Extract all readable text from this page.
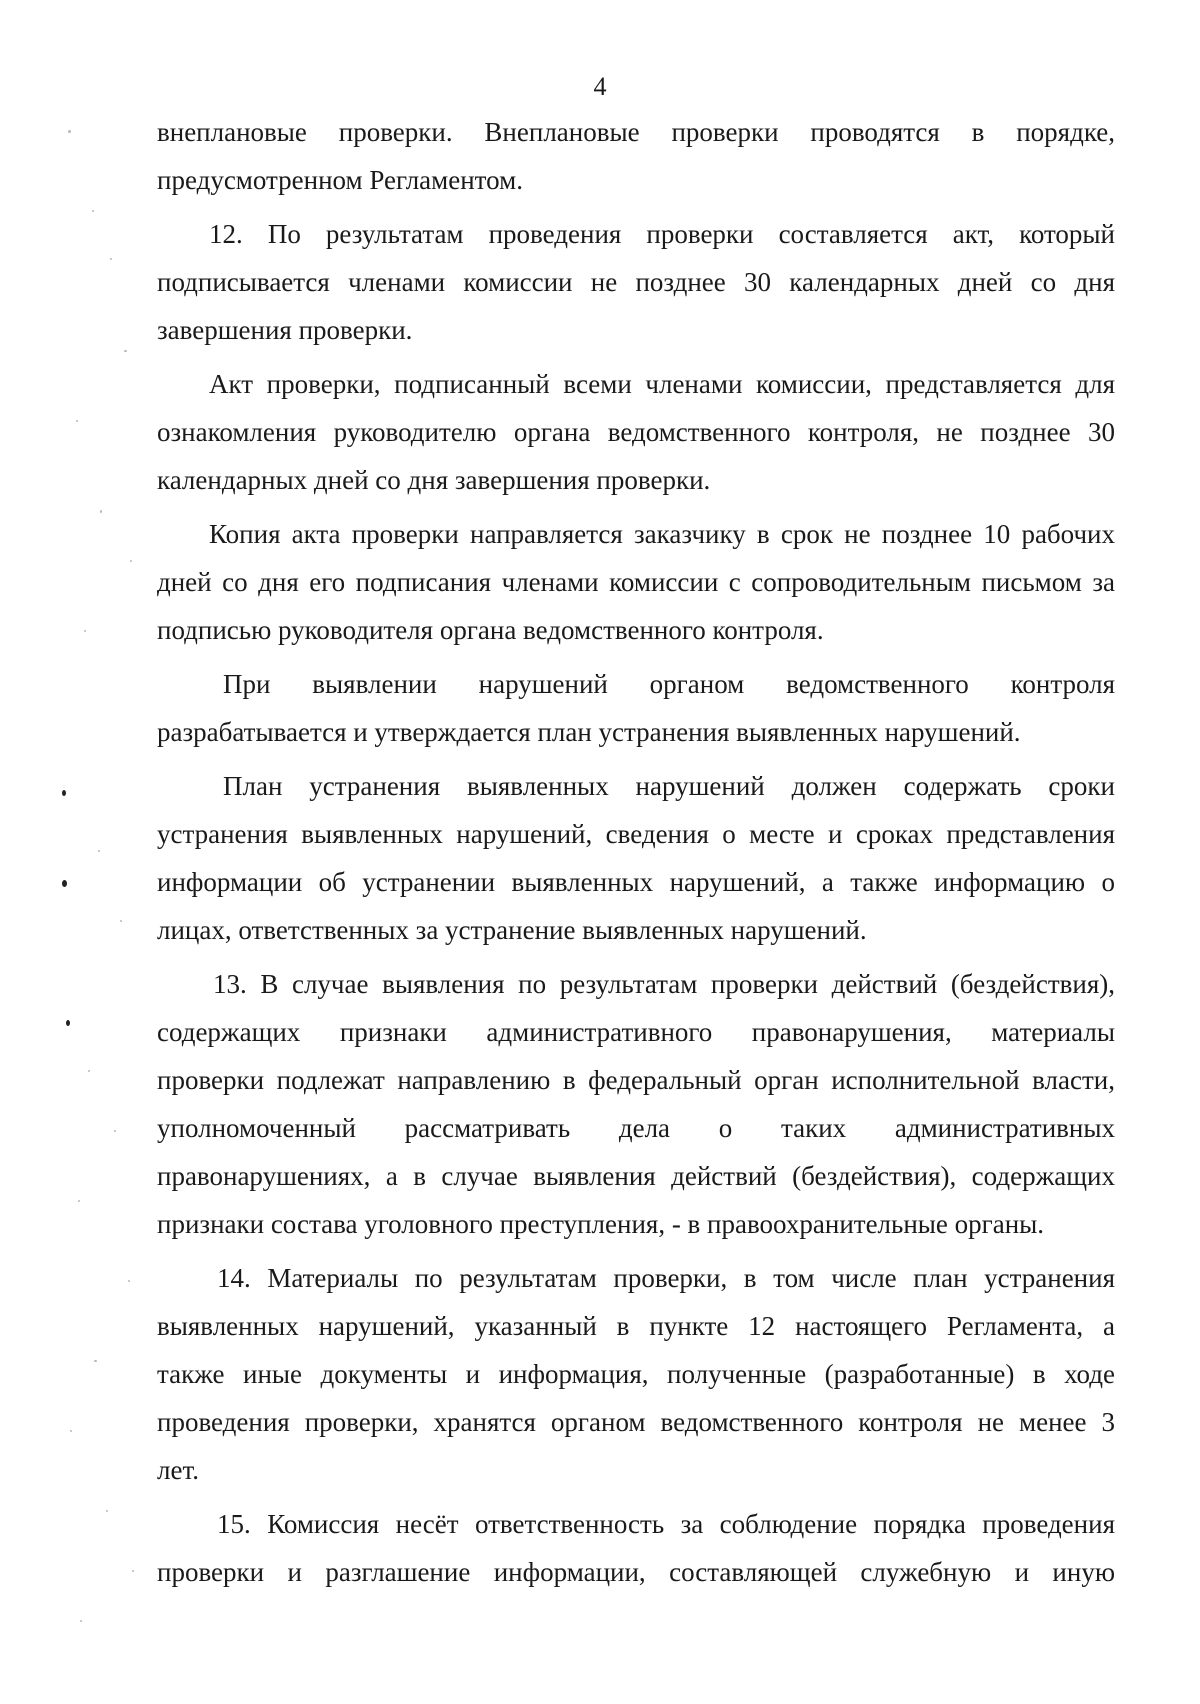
4
внеплановые проверки. Внеплановые проверки проводятся в порядке,
предусмотренном Регламентом.
12. По результатам проведения проверки составляется акт, который
подписывается членами комиссии не позднее 30 календарных дней со дня
завершения проверки.
Акт проверки, подписанный всеми членами комиссии, представляется для
ознакомления руководителю органа ведомственного контроля, не позднее 30
календарных дней со дня завершения проверки.
Копия акта проверки направляется заказчику в срок не позднее 10 рабочих
дней со дня его подписания членами комиссии с сопроводительным письмом за
подписью руководителя органа ведомственного контроля.
При выявлении нарушений органом ведомственного контроля
разрабатывается и утверждается план устранения выявленных нарушений.
План устранения выявленных нарушений должен содержать сроки
устранения выявленных нарушений, сведения о месте и сроках представления
информации об устранении выявленных нарушений, а также информацию о
лицах, ответственных за устранение выявленных нарушений.
13. В случае выявления по результатам проверки действий (бездействия),
содержащих признаки административного правонарушения, материалы
проверки подлежат направлению в федеральный орган исполнительной власти,
уполномоченный рассматривать дела о таких административных
правонарушениях, а в случае выявления действий (бездействия), содержащих
признаки состава уголовного преступления, - в правоохранительные органы.
14. Материалы по результатам проверки, в том числе план устранения
выявленных нарушений, указанный в пункте 12 настоящего Регламента, а
также иные документы и информация, полученные (разработанные) в ходе
проведения проверки, хранятся органом ведомственного контроля не менее 3
лет.
15. Комиссия несёт ответственность за соблюдение порядка проведения
проверки и разглашение информации, составляющей служебную и иную
